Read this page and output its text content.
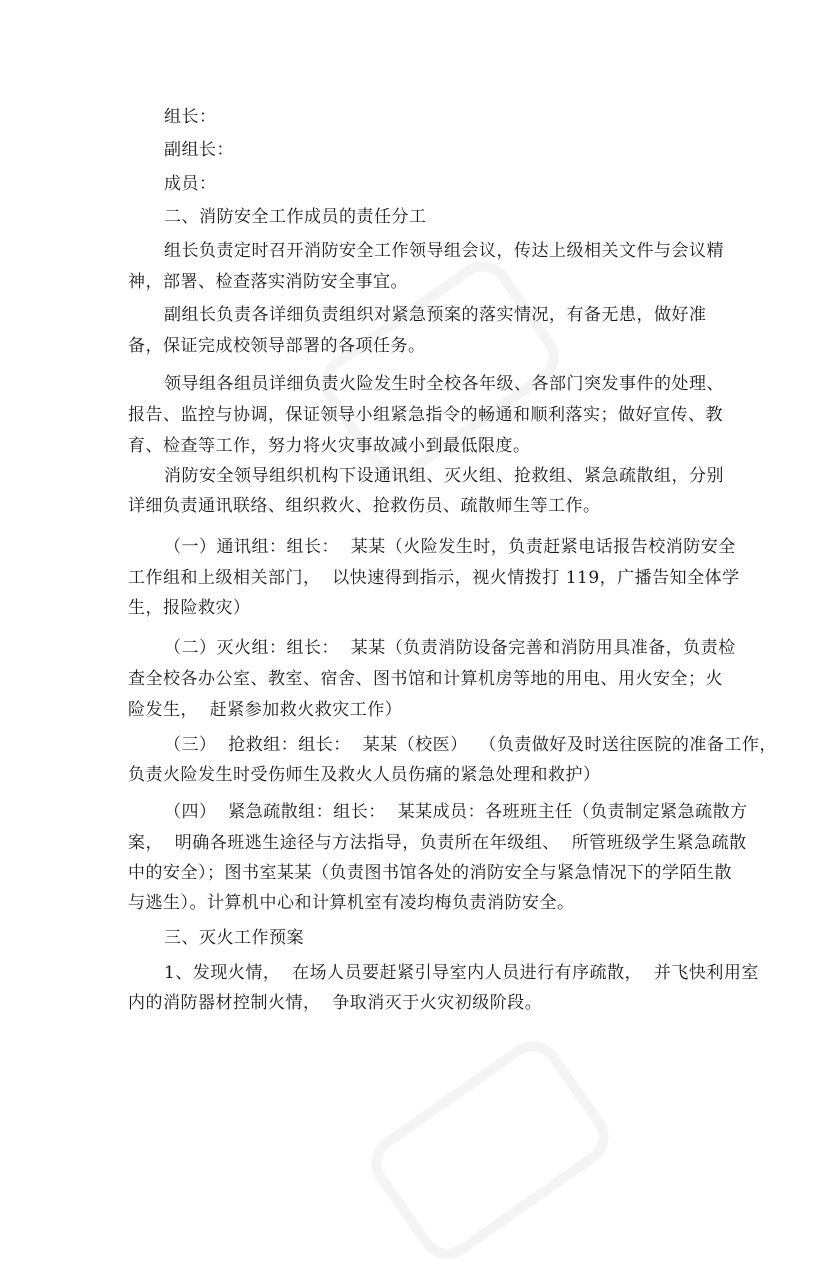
组长：

副组长：

成员：

二、消防安全工作成员的责任分工

组长负责定时召开消防安全工作领导组会议，传达上级相关文件与会议精

神，部署、检查落实消防安全事宜。

副组长负责各详细负责组织对紧急预案的落实情况，有备无患，做好准

备，保证完成校领导部署的各项任务。

领导组各组员详细负责火险发生时全校各年级、各部门突发事件的处理、

报告、监控与协调，保证领导小组紧急指令的畅通和顺利落实；做好宣传、教

育、检查等工作，努力将火灾事故减小到最低限度。

消防安全领导组织机构下设通讯组、灭火组、抢救组、紧急疏散组，分别

详细负责通讯联络、组织救火、抢救伤员、疏散师生等工作。

（一）通讯组：组长：  某某（火险发生时，负责赶紧电话报告校消防安全

工作组和上级相关部门，  以快速得到指示，视火情拨打 119，广播告知全体学

生，报险救灾）

（二）灭火组：组长：  某某（负责消防设备完善和消防用具准备，负责检

查全校各办公室、教室、宿舍、图书馆和计算机房等地的用电、用火安全；火

险发生，  赶紧参加救火救灾工作）

（三）  抢救组：组长：  某某（校医）  （负责做好及时送往医院的准备工作，

负责火险发生时受伤师生及救火人员伤痛的紧急处理和救护）

（四）  紧急疏散组：组长：  某某成员：各班班主任（负责制定紧急疏散方

案，  明确各班逃生途径与方法指导，负责所在年级组、  所管班级学生紧急疏散

中的安全）；图书室某某（负责图书馆各处的消防安全与紧急情况下的学陌生散

与逃生）。计算机中心和计算机室有凌均梅负责消防安全。

三、灭火工作预案

1、发现火情，  在场人员要赶紧引导室内人员进行有序疏散，  并飞快利用室

内的消防器材控制火情，  争取消灭于火灾初级阶段。
